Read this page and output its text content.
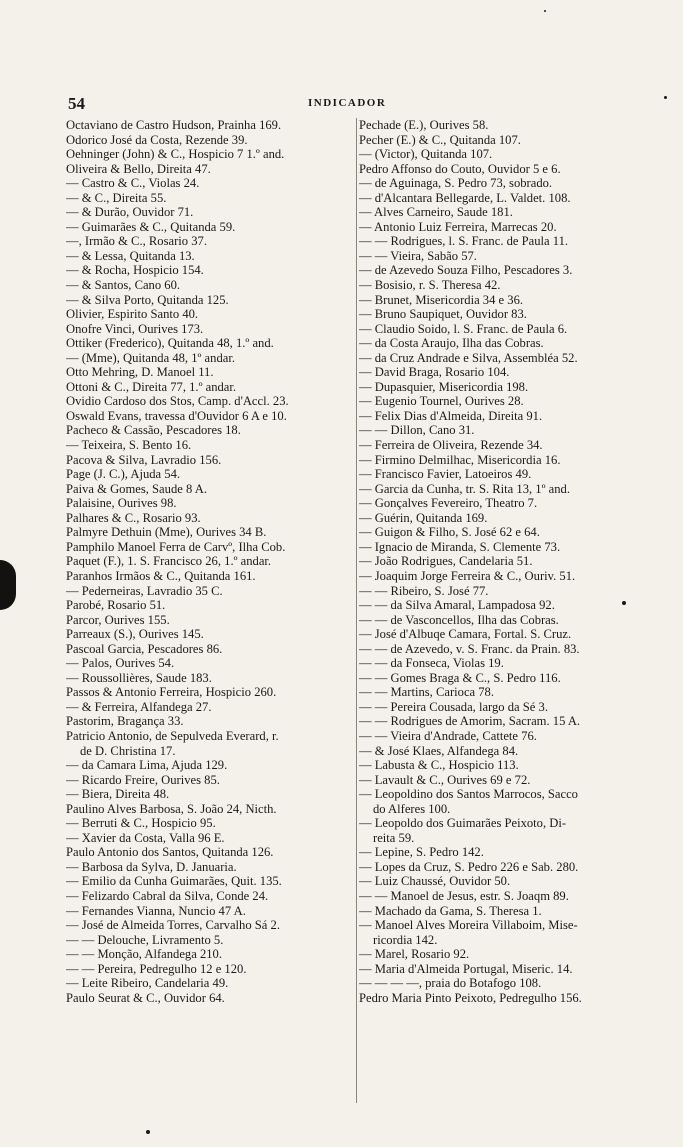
54	INDICADOR
Octaviano de Castro Hudson, Prainha 169.
Odorico José da Costa, Rezende 39.
Oehninger (John) & C., Hospicio 7 1.º and.
Oliveira & Bello, Direita 47.
— Castro & C., Violas 24.
— & C., Direita 55.
— & Durão, Ouvidor 71.
— Guimarães & C., Quitanda 59.
—, Irmão & C., Rosario 37.
— & Lessa, Quitanda 13.
— & Rocha, Hospicio 154.
— & Santos, Cano 60.
— & Silva Porto, Quitanda 125.
Olivier, Espirito Santo 40.
Onofre Vinci, Ourives 173.
Ottiker (Frederico), Quitanda 48, 1.º and.
— (Mme), Quitanda 48, 1º andar.
Otto Mehring, D. Manoel 11.
Ottoni & C., Direita 77, 1.º andar.
Ovidio Cardoso dos Stos, Camp. d'Accl. 23.
Oswald Evans, travessa d'Ouvidor 6 A e 10.
Pacheco & Cassão, Pescadores 18.
— Teixeira, S. Bento 16.
Pacova & Silva, Lavradio 156.
Page (J. C.), Ajuda 54.
Paiva & Gomes, Saude 8 A.
Palaisine, Ourives 98.
Palhares & C., Rosario 93.
Palmyre Dethuin (Mme), Ourives 34 B.
Pamphilo Manoel Ferra de Carvº, Ilha Cob.
Paquet (F.), 1. S. Francisco 26, 1.º andar.
Paranhos Irmãos & C., Quitanda 161.
— Pederneiras, Lavradio 35 C.
Parobé, Rosario 51.
Parcor, Ourives 155.
Parreaux (S.), Ourives 145.
Pascoal Garcia, Pescadores 86.
— Palos, Ourives 54.
— Roussollières, Saude 183.
Passos & Antonio Ferreira, Hospicio 260.
— & Ferreira, Alfandega 27.
Pastorim, Bragança 33.
Patricio Antonio, de Sepulveda Everard, r.
de D. Christina 17.
— da Camara Lima, Ajuda 129.
— Ricardo Freire, Ourives 85.
— Biera, Direita 48.
Paulino Alves Barbosa, S. João 24, Nicth.
— Berruti & C., Hospicio 95.
— Xavier da Costa, Valla 96 E.
Paulo Antonio dos Santos, Quitanda 126.
— Barbosa da Sylva, D. Januaria.
— Emilio da Cunha Guimarães, Quit. 135.
— Felizardo Cabral da Silva, Conde 24.
— Fernandes Vianna, Nuncio 47 A.
— José de Almeida Torres, Carvalho Sá 2.
— — Delouche, Livramento 5.
— — Monção, Alfandega 210.
— — Pereira, Pedregulho 12 e 120.
— Leite Ribeiro, Candelaria 49.
Paulo Seurat & C., Ouvidor 64.
Pechade (E.), Ourives 58.
Pecher (E.) & C., Quitanda 107.
— (Victor), Quitanda 107.
Pedro Affonso do Couto, Ouvidor 5 e 6.
— de Aguinaga, S. Pedro 73, sobrado.
— d'Alcantara Bellegarde, L. Valdet. 108.
— Alves Carneiro, Saude 181.
— Antonio Luiz Ferreira, Marrecas 20.
— — Rodrigues, l. S. Franc. de Paula 11.
— — Vieira, Sabão 57.
— de Azevedo Souza Filho, Pescadores 3.
— Bosisio, r. S. Theresa 42.
— Brunet, Misericordia 34 e 36.
— Bruno Saupiquet, Ouvidor 83.
— Claudio Soido, l. S. Franc. de Paula 6.
— da Costa Araujo, Ilha das Cobras.
— da Cruz Andrade e Silva, Assembléa 52.
— David Braga, Rosario 104.
— Dupasquier, Misericordia 198.
— Eugenio Tournel, Ourives 28.
— Felix Dias d'Almeida, Direita 91.
— — Dillon, Cano 31.
— Ferreira de Oliveira, Rezende 34.
— Firmino Delmilhac, Misericordia 16.
— Francisco Favier, Latoeiros 49.
— Garcia da Cunha, tr. S. Rita 13, 1º and.
— Gonçalves Fevereiro, Theatro 7.
— Guérin, Quitanda 169.
— Guigon & Filho, S. José 62 e 64.
— Ignacio de Miranda, S. Clemente 73.
— João Rodrigues, Candelaria 51.
— Joaquim Jorge Ferreira & C., Ouriv. 51.
— — Ribeiro, S. José 77.
— — da Silva Amaral, Lampadosa 92.
— — de Vasconcellos, Ilha das Cobras.
— José d'Albuqe Camara, Fortal. S. Cruz.
— — de Azevedo, v. S. Franc. da Prain. 83.
— — da Fonseca, Violas 19.
— — Gomes Braga & C., S. Pedro 116.
— — Martins, Carioca 78.
— — Pereira Cousada, largo da Sé 3.
— — Rodrigues de Amorim, Sacram. 15 A.
— — Vieira d'Andrade, Cattete 76.
— & José Klaes, Alfandega 84.
— Labusta & C., Hospicio 113.
— Lavault & C., Ourives 69 e 72.
— Leopoldino dos Santos Marrocos, Sacco
do Alferes 100.
— Leopoldo dos Guimarães Peixoto, Di-
reita 59.
— Lepine, S. Pedro 142.
— Lopes da Cruz, S. Pedro 226 e Sab. 280.
— Luiz Chaussé, Ouvidor 50.
— — Manoel de Jesus, estr. S. Joaqm 89.
— Machado da Gama, S. Theresa 1.
— Manoel Alves Moreira Villaboim, Mise-
ricordia 142.
— Marel, Rosario 92.
— Maria d'Almeida Portugal, Miseric. 14.
— — — —, praia do Botafogo 108.
Pedro Maria Pinto Peixoto, Pedregulho 156.
